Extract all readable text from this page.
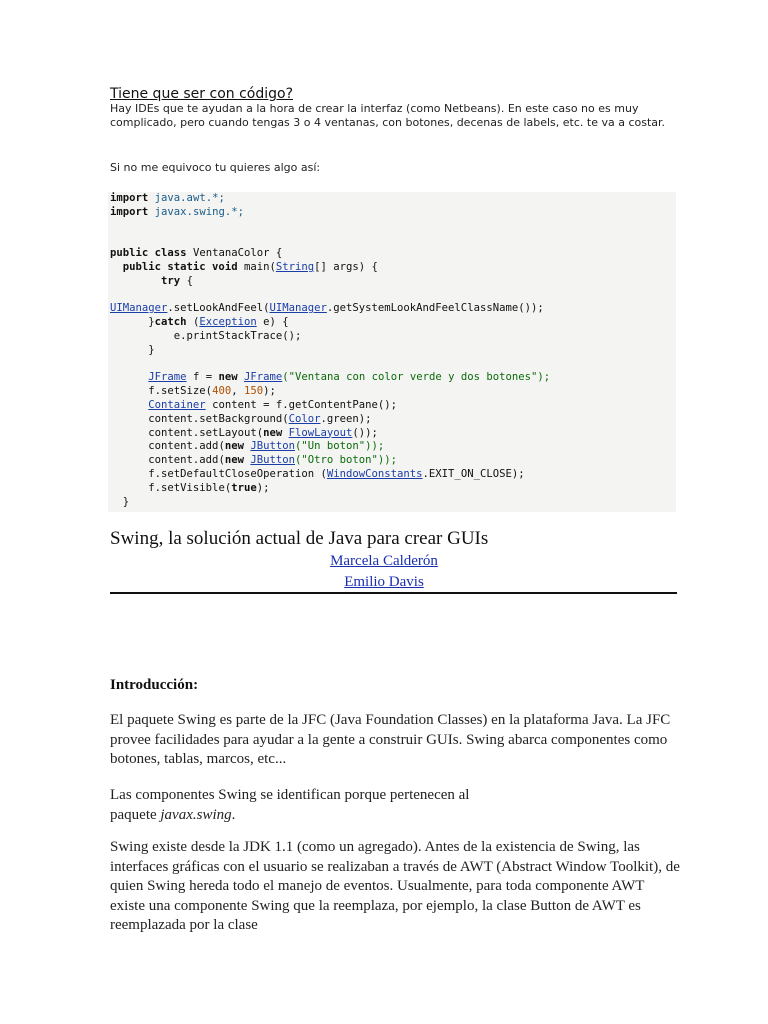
Tiene que ser con código?
Hay IDEs que te ayudan a la hora de crear la interfaz (como Netbeans). En este caso no es muy complicado, pero cuando tengas 3 o 4 ventanas, con botones, decenas de labels, etc. te va a costar.
Si no me equivoco tu quieres algo así:
import java.awt.*;
import javax.swing.*;

public class VentanaColor {
public static void main(String[] args) {
try {

UIManager.setLookAndFeel(UIManager.getSystemLookAndFeelClassName());
}catch (Exception e) {
e.printStackTrace();
}

JFrame f = new JFrame("Ventana con color verde y dos botones");
f.setSize(400, 150);
Container content = f.getContentPane();
content.setBackground(Color.green);
content.setLayout(new FlowLayout());
content.add(new JButton("Un boton"));
content.add(new JButton("Otro boton"));
f.setDefaultCloseOperation (WindowConstants.EXIT_ON_CLOSE);
f.setVisible(true);
}
Swing, la solución actual de Java para crear GUIs
Marcela Calderón
Emilio Davis
Introducción:
El paquete Swing es parte de la JFC (Java Foundation Classes) en la plataforma Java. La JFC provee facilidades para ayudar a la gente a construir GUIs. Swing abarca componentes como botones, tablas, marcos, etc...
Las componentes Swing se identifican porque pertenecen al
paquete javax.swing.
Swing existe desde la JDK 1.1 (como un agregado). Antes de la existencia de Swing, las interfaces gráficas con el usuario se realizaban a través de AWT (Abstract Window Toolkit), de quien Swing hereda todo el manejo de eventos. Usualmente, para toda componente AWT existe una componente Swing que la reemplaza, por ejemplo, la clase Button de AWT es reemplazada por la clase
